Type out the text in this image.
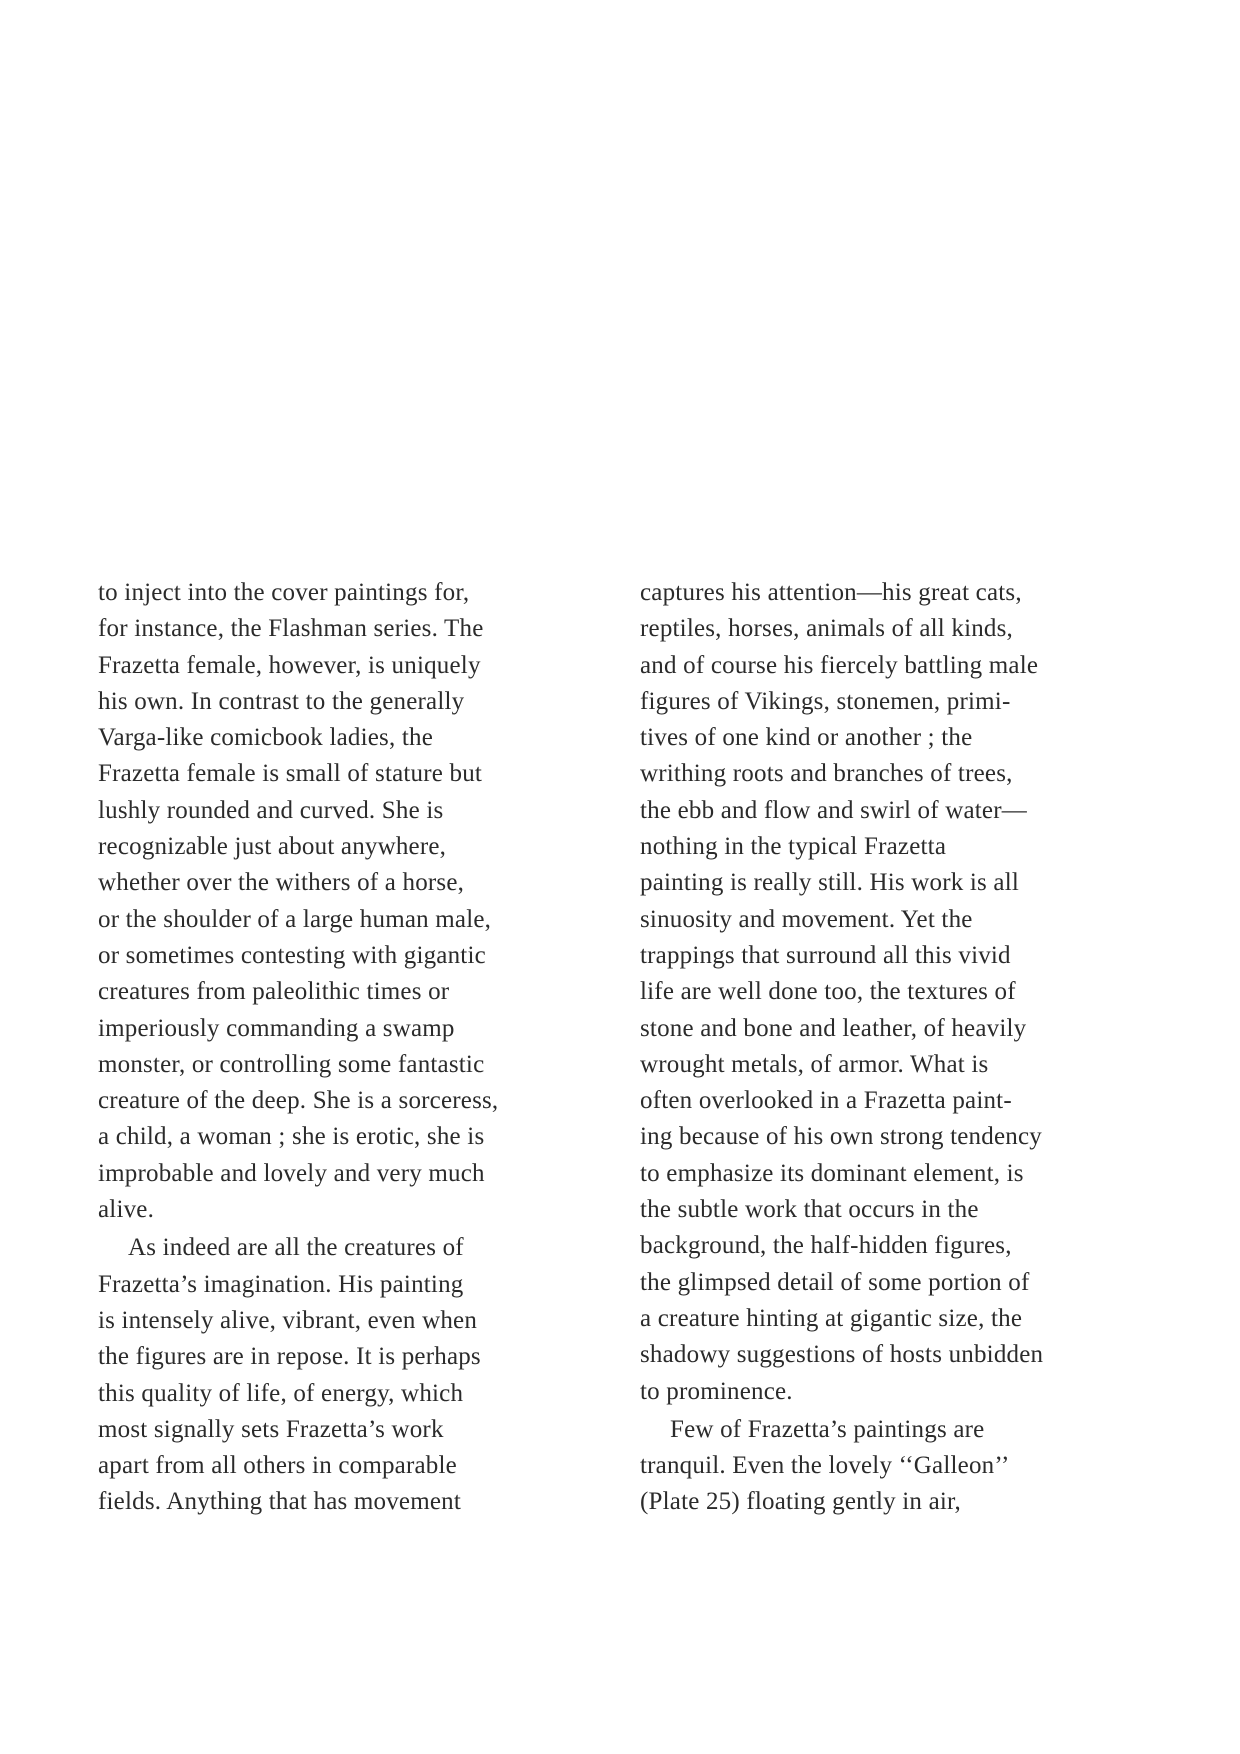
to inject into the cover paintings for,
for instance, the Flashman series. The
Frazetta female, however, is uniquely
his own. In contrast to the generally
Varga-like comicbook ladies, the
Frazetta female is small of stature but
lushly rounded and curved. She is
recognizable just about anywhere,
whether over the withers of a horse,
or the shoulder of a large human male,
or sometimes contesting with gigantic
creatures from paleolithic times or
imperiously commanding a swamp
monster, or controlling some fantastic
creature of the deep. She is a sorceress,
a child, a woman ; she is erotic, she is
improbable and lovely and very much
alive.
As indeed are all the creatures of
Frazetta’s imagination. His painting
is intensely alive, vibrant, even when
the figures are in repose. It is perhaps
this quality of life, of energy, which
most signally sets Frazetta’s work
apart from all others in comparable
fields. Anything that has movement
captures his attention—his great cats,
reptiles, horses, animals of all kinds,
and of course his fiercely battling male
figures of Vikings, stonemen, primi-
tives of one kind or another ; the
writhing roots and branches of trees,
the ebb and flow and swirl of water—
nothing in the typical Frazetta
painting is really still. His work is all
sinuosity and movement. Yet the
trappings that surround all this vivid
life are well done too, the textures of
stone and bone and leather, of heavily
wrought metals, of armor. What is
often overlooked in a Frazetta paint-
ing because of his own strong tendency
to emphasize its dominant element, is
the subtle work that occurs in the
background, the half-hidden figures,
the glimpsed detail of some portion of
a creature hinting at gigantic size, the
shadowy suggestions of hosts unbidden
to prominence.
Few of Frazetta’s paintings are
tranquil. Even the lovely ‘‘Galleon’’
(Plate 25) floating gently in air,
